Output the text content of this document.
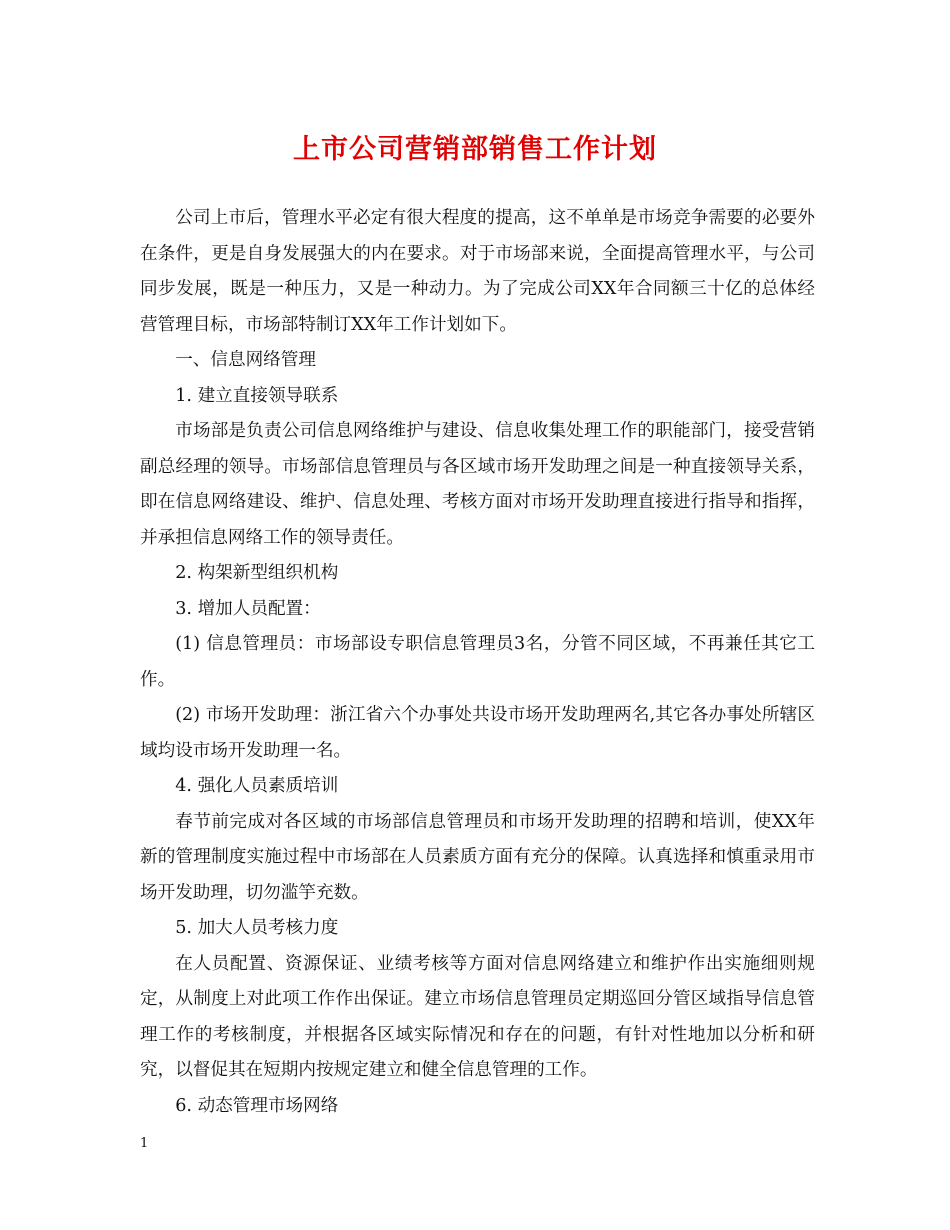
上市公司营销部销售工作计划

公司上市后，管理水平必定有很大程度的提高，这不单单是市场竞争需要的必要外在条件，更是自身发展强大的内在要求。对于市场部来说，全面提高管理水平，与公司同步发展，既是一种压力，又是一种动力。为了完成公司XX年合同额三十亿的总体经营管理目标，市场部特制订XX年工作计划如下。

一、信息网络管理

1. 建立直接领导联系

市场部是负责公司信息网络维护与建设、信息收集处理工作的职能部门，接受营销副总经理的领导。市场部信息管理员与各区域市场开发助理之间是一种直接领导关系，即在信息网络建设、维护、信息处理、考核方面对市场开发助理直接进行指导和指挥，并承担信息网络工作的领导责任。

2. 构架新型组织机构

3. 增加人员配置：

(1) 信息管理员：市场部设专职信息管理员3名，分管不同区域，不再兼任其它工作。

(2) 市场开发助理：浙江省六个办事处共设市场开发助理两名,其它各办事处所辖区域均设市场开发助理一名。

4. 强化人员素质培训

春节前完成对各区域的市场部信息管理员和市场开发助理的招聘和培训，使XX年新的管理制度实施过程中市场部在人员素质方面有充分的保障。认真选择和慎重录用市场开发助理，切勿滥竽充数。

5. 加大人员考核力度

在人员配置、资源保证、业绩考核等方面对信息网络建立和维护作出实施细则规定，从制度上对此项工作作出保证。建立市场信息管理员定期巡回分管区域指导信息管理工作的考核制度，并根据各区域实际情况和存在的问题，有针对性地加以分析和研究，以督促其在短期内按规定建立和健全信息管理的工作。

6. 动态管理市场网络

1
